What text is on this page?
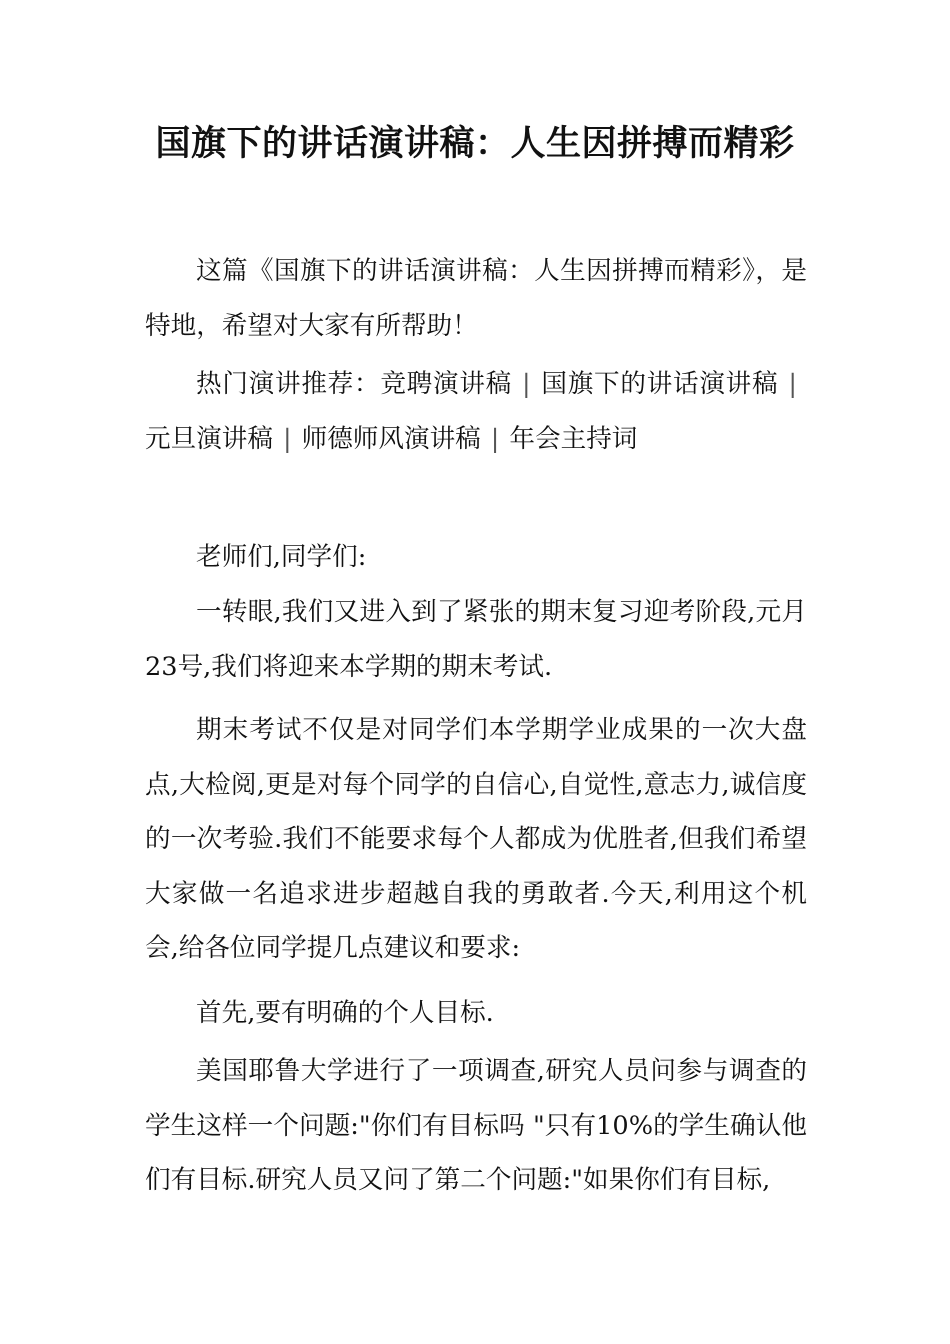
国旗下的讲话演讲稿：人生因拼搏而精彩

这篇《国旗下的讲话演讲稿：人生因拼搏而精彩》，是特地，希望对大家有所帮助！

热门演讲推荐：竞聘演讲稿 | 国旗下的讲话演讲稿 |元旦演讲稿 | 师德师风演讲稿 | 年会主持词

老师们,同学们:

一转眼,我们又进入到了紧张的期末复习迎考阶段,元月23号,我们将迎来本学期的期末考试.

期末考试不仅是对同学们本学期学业成果的一次大盘点,大检阅,更是对每个同学的自信心,自觉性,意志力,诚信度的一次考验.我们不能要求每个人都成为优胜者,但我们希望大家做一名追求进步超越自我的勇敢者.今天,利用这个机会,给各位同学提几点建议和要求:

首先,要有明确的个人目标.

美国耶鲁大学进行了一项调查,研究人员问参与调查的学生这样一个问题:"你们有目标吗 "只有10%的学生确认他们有目标.研究人员又问了第二个问题:"如果你们有目标,
